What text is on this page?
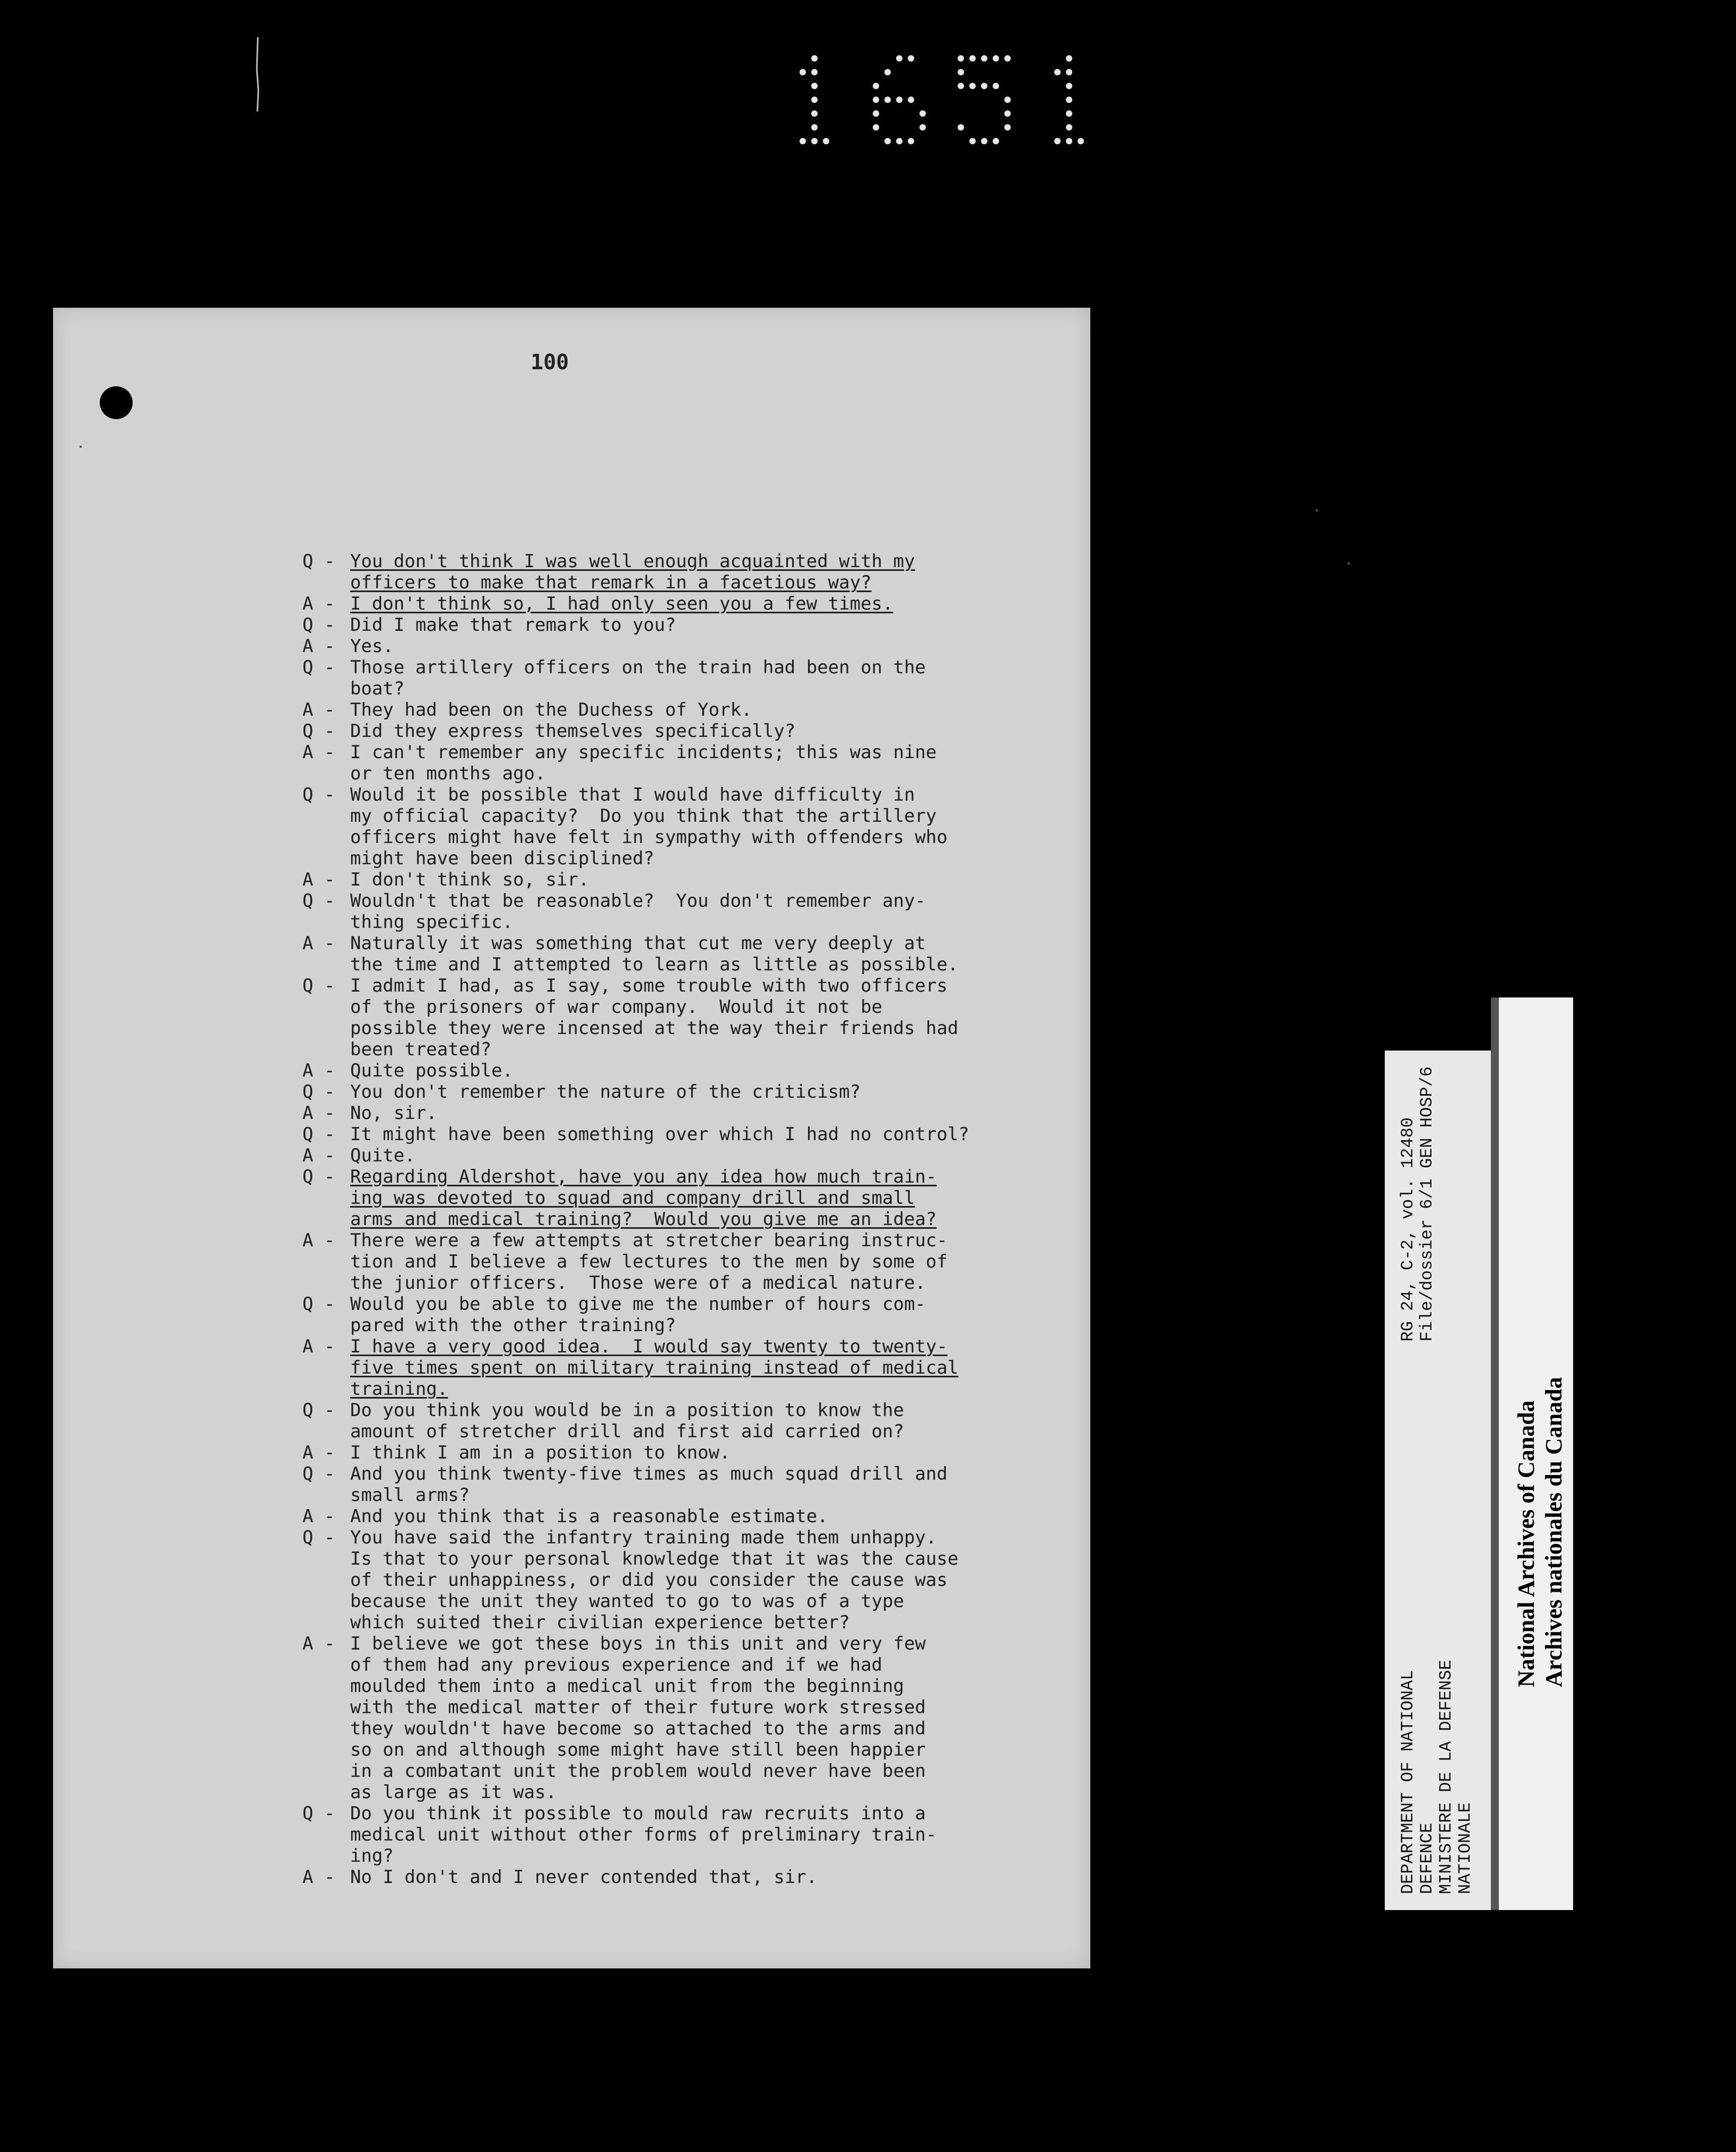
100

Q - You don't think I was well enough acquainted with my
officers to make that remark in a facetious way?
A - I don't think so, I had only seen you a few times.
Q - Did I make that remark to you?
A - Yes.
Q - Those artillery officers on the train had been on the
boat?
A - They had been on the Duchess of York.
Q - Did they express themselves specifically?
A - I can't remember any specific incidents; this was nine
or ten months ago.
Q - Would it be possible that I would have difficulty in
my official capacity?  Do you think that the artillery
officers might have felt in sympathy with offenders who
might have been disciplined?
A - I don't think so, sir.
Q - Wouldn't that be reasonable?  You don't remember any-
thing specific.
A - Naturally it was something that cut me very deeply at
the time and I attempted to learn as little as possible.
Q - I admit I had, as I say, some trouble with two officers
of the prisoners of war company.  Would it not be
possible they were incensed at the way their friends had
been treated?
A - Quite possible.
Q - You don't remember the nature of the criticism?
A - No, sir.
Q - It might have been something over which I had no control?
A - Quite.
Q - Regarding Aldershot, have you any idea how much train-
ing was devoted to squad and company drill and small
arms and medical training?  Would you give me an idea?
A - There were a few attempts at stretcher bearing instruc-
tion and I believe a few lectures to the men by some of
the junior officers.  Those were of a medical nature.
Q - Would you be able to give me the number of hours com-
pared with the other training?
A - I have a very good idea.  I would say twenty to twenty-
five times spent on military training instead of medical
training.
Q - Do you think you would be in a position to know the
amount of stretcher drill and first aid carried on?
A - I think I am in a position to know.
Q - And you think twenty-five times as much squad drill and
small arms?
A - And you think that is a reasonable estimate.
Q - You have said the infantry training made them unhappy.
Is that to your personal knowledge that it was the cause
of their unhappiness, or did you consider the cause was
because the unit they wanted to go to was of a type
which suited their civilian experience better?
A - I believe we got these boys in this unit and very few
of them had any previous experience and if we had
moulded them into a medical unit from the beginning
with the medical matter of their future work stressed
they wouldn't have become so attached to the arms and
so on and although some might have still been happier
in a combatant unit the problem would never have been
as large as it was.
Q - Do you think it possible to mould raw recruits into a
medical unit without other forms of preliminary train-
ing?
A - No I don't and I never contended that, sir.	DEPARTMENT OF NATIONAL DEFENCE MINISTERE DE LA DEFENSE NATIONALE
RG 24, C-2, vol. 12480 File/dossier 6/1 GEN HOSP/6
National Archives of Canada Archives nationales du Canada
